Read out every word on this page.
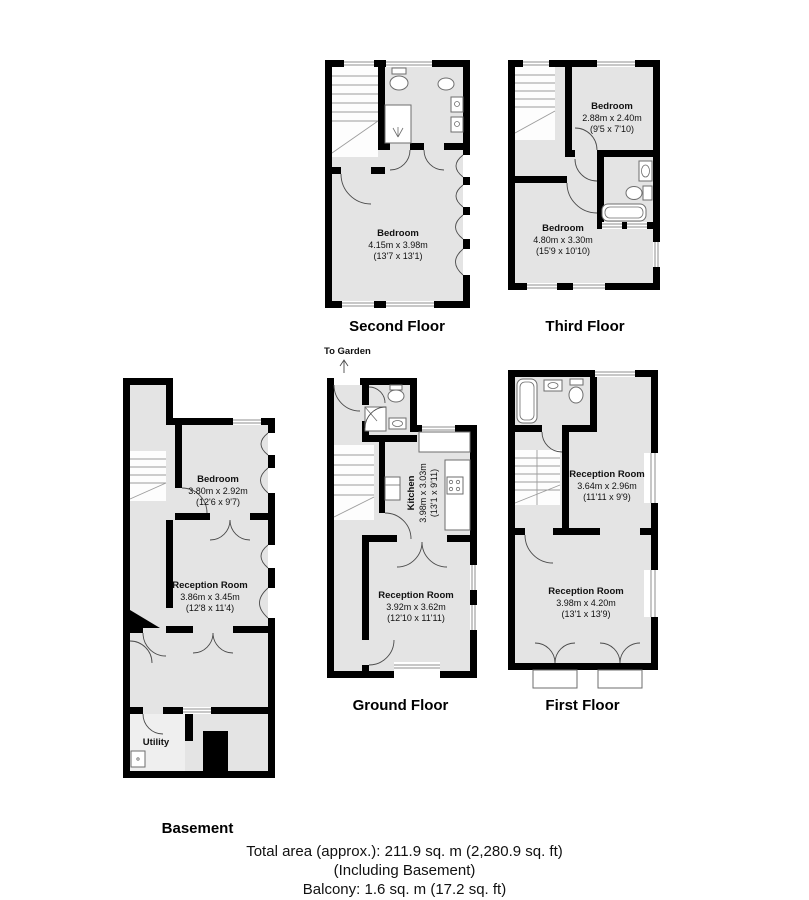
Bedroom
4.15m x 3.98m
(13'7 x 13'1)
Second Floor
Bedroom
2.88m x 2.40m
(9'5 x 7'10)
Bedroom
4.80m x 3.30m
(15'9 x 10'10)
Third Floor
Bedroom
3.80m x 2.92m
(12'6 x 9'7)
Reception Room
3.86m x 3.45m
(12'8 x 11'4)
Utility
Basement
To Garden
Kitchen 3.98m x 3.03m (13'1 x 9'11)
Reception Room
3.92m x 3.62m
(12'10 x 11'11)
Ground Floor
Reception Room
3.64m x 2.96m
(11'11 x 9'9)
Reception Room
3.98m x 4.20m
(13'1 x 13'9)
First Floor
Total area (approx.): 211.9 sq. m (2,280.9 sq. ft)
(Including Basement)
Balcony: 1.6 sq. m (17.2 sq. ft)
